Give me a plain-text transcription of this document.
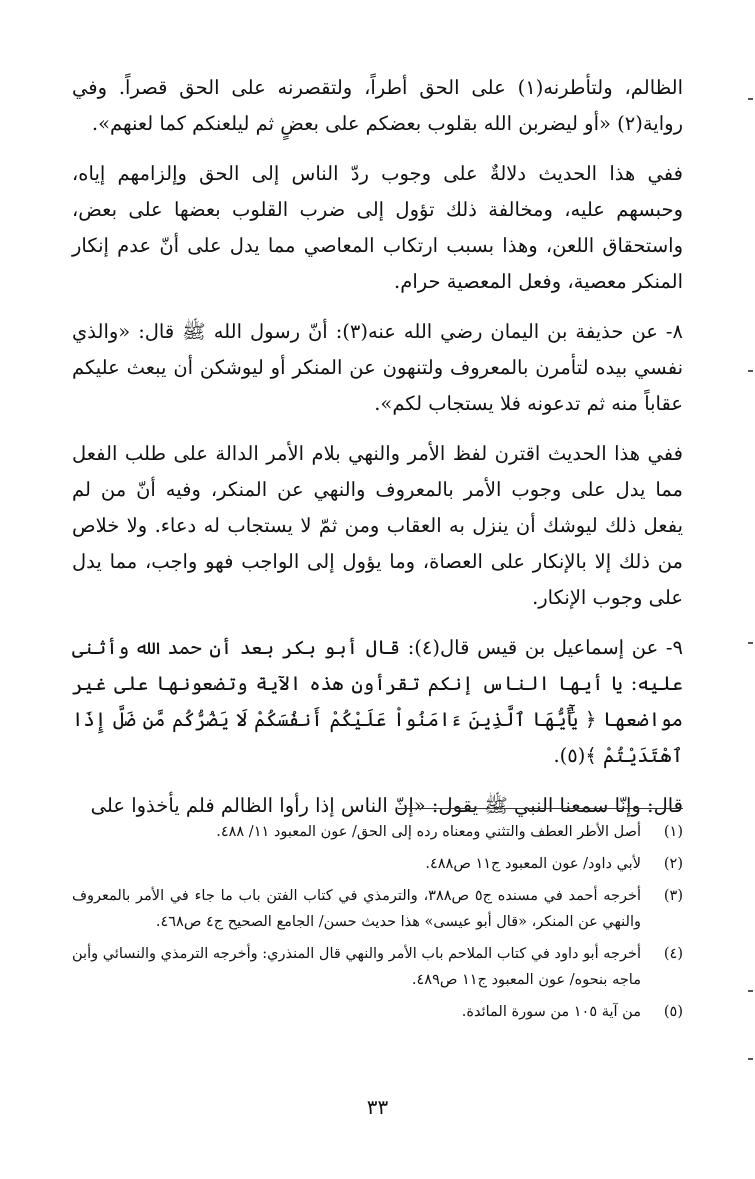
الظالم، ولتأطرنه(١) على الحق أطراً، ولتقصرنه على الحق قصراً. وفي رواية(٢) «أو ليضربن الله بقلوب بعضكم على بعضٍ ثم ليلعنكم كما لعنهم».

ففي هذا الحديث دلالةٌ على وجوب ردّ الناس إلى الحق وإلزامهم إياه، وحبسهم عليه، ومخالفة ذلك تؤول إلى ضرب القلوب بعضها على بعض، واستحقاق اللعن، وهذا بسبب ارتكاب المعاصي مما يدل على أنّ عدم إنكار المنكر معصية، وفعل المعصية حرام.

٨- عن حذيفة بن اليمان رضي الله عنه(٣): أنّ رسول الله ﷺ قال: «والذي نفسي بيده لتأمرن بالمعروف ولتنهون عن المنكر أو ليوشكن أن يبعث عليكم عقاباً منه ثم تدعونه فلا يستجاب لكم».

ففي هذا الحديث اقترن لفظ الأمر والنهي بلام الأمر الدالة على طلب الفعل مما يدل على وجوب الأمر بالمعروف والنهي عن المنكر، وفيه أنّ من لم يفعل ذلك ليوشك أن ينزل به العقاب ومن ثمّ لا يستجاب له دعاء. ولا خلاص من ذلك إلا بالإنكار على العصاة، وما يؤول إلى الواجب فهو واجب، مما يدل على وجوب الإنكار.

٩- عن إسماعيل بن قيس قال(٤): قال أبو بكر بعد أن حمد الله وأثنى عليه: يا أيها الناس إنكم تقرأون هذه الآية وتضعونها على غير مواضعها ﴿ يَٰٓأَيُّهَا ٱلَّذِينَ ءَامَنُواْ عَلَيْكُمْ أَنفُسَكُمْ لَا يَضُرُّكُم مَّن ضَلَّ إِذَا ٱهْتَدَيْتُمْ ﴾(٥).

قال: وإنّا سمعنا النبي ﷺ يقول: «إنّ الناس إذا رأوا الظالم فلم يأخذوا على

(١)
أصل الأطر العطف والتثني ومعناه رده إلى الحق/ عون المعبود ١١/ ٤٨٨.
(٢)
لأبي داود/ عون المعبود ج١١ ص٤٨٨.
(٣)
أخرجه أحمد في مسنده ج٥ ص٣٨٨، والترمذي في كتاب الفتن باب ما جاء في الأمر بالمعروف والنهي عن المنكر، «قال أبو عيسى» هذا حديث حسن/ الجامع الصحيح ج٤ ص٤٦٨.
(٤)
أخرجه أبو داود في كتاب الملاحم باب الأمر والنهي قال المنذري: وأخرجه الترمذي والنسائي وأبن ماجه بنحوه/ عون المعبود ج١١ ص٤٨٩.
(٥)
من آية ١٠٥ من سورة المائدة.
٣٣
